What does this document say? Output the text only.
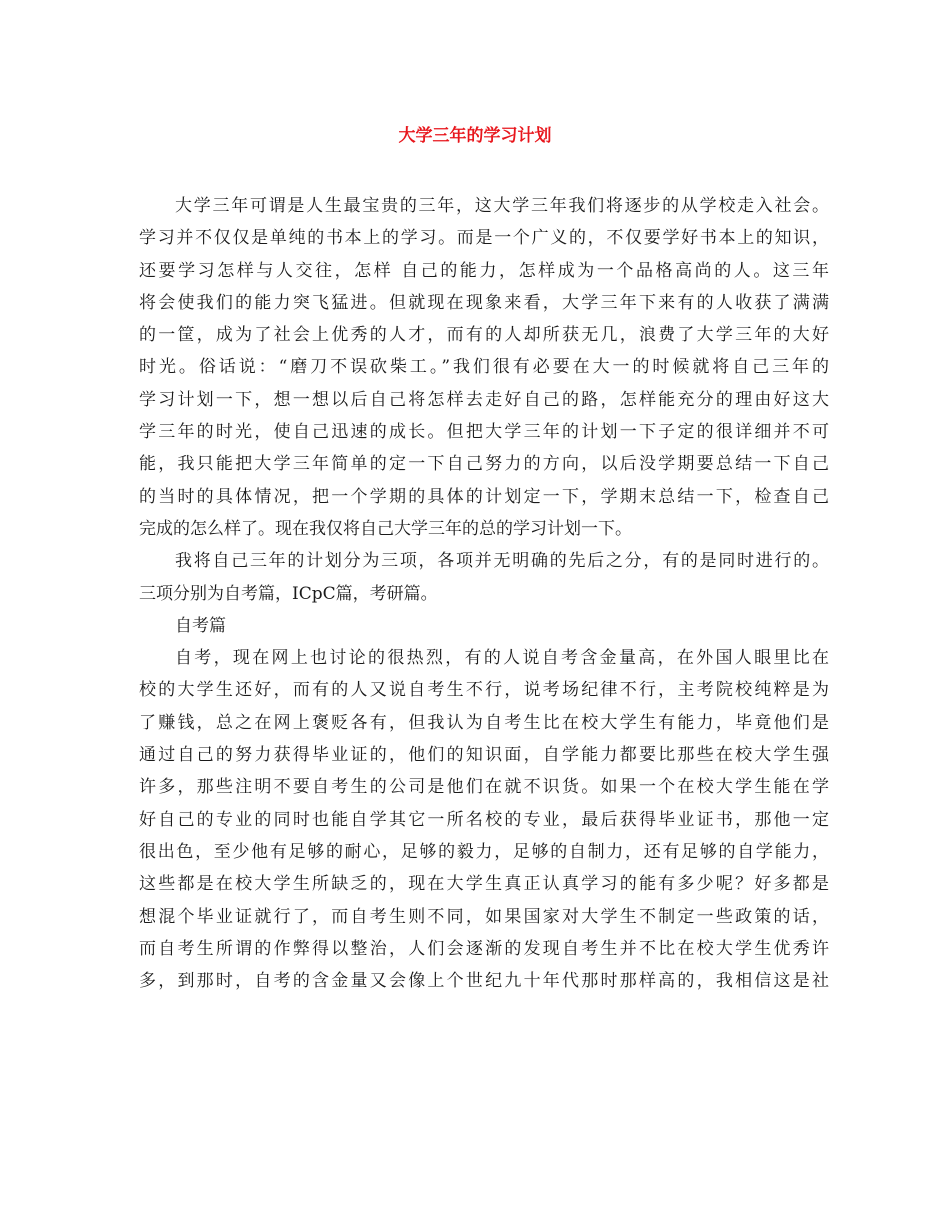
大学三年的学习计划

大学三年可谓是人生最宝贵的三年，这大学三年我们将逐步的从学校走入社会。

学习并不仅仅是单纯的书本上的学习。而是一个广义的，不仅要学好书本上的知识，

还要学习怎样与人交往，怎样 自己的能力，怎样成为一个品格高尚的人。这三年

将会使我们的能力突飞猛进。但就现在现象来看，大学三年下来有的人收获了满满

的一筐，成为了社会上优秀的人才，而有的人却所获无几，浪费了大学三年的大好

时光。俗话说：“磨刀不误砍柴工。”我们很有必要在大一的时候就将自己三年的

学习计划一下，想一想以后自己将怎样去走好自己的路，怎样能充分的理由好这大

学三年的时光，使自己迅速的成长。但把大学三年的计划一下子定的很详细并不可

能，我只能把大学三年简单的定一下自己努力的方向，以后没学期要总结一下自己

的当时的具体情况，把一个学期的具体的计划定一下，学期末总结一下，检查自己

完成的怎么样了。现在我仅将自己大学三年的总的学习计划一下。

我将自己三年的计划分为三项，各项并无明确的先后之分，有的是同时进行的。

三项分别为自考篇，ICpC篇，考研篇。

自考篇

自考，现在网上也讨论的很热烈，有的人说自考含金量高，在外国人眼里比在

校的大学生还好，而有的人又说自考生不行，说考场纪律不行，主考院校纯粹是为

了赚钱，总之在网上褒贬各有，但我认为自考生比在校大学生有能力，毕竟他们是

通过自己的努力获得毕业证的，他们的知识面，自学能力都要比那些在校大学生强

许多，那些注明不要自考生的公司是他们在就不识货。如果一个在校大学生能在学

好自己的专业的同时也能自学其它一所名校的专业，最后获得毕业证书，那他一定

很出色，至少他有足够的耐心，足够的毅力，足够的自制力，还有足够的自学能力，

这些都是在校大学生所缺乏的，现在大学生真正认真学习的能有多少呢？好多都是

想混个毕业证就行了，而自考生则不同，如果国家对大学生不制定一些政策的话，

而自考生所谓的作弊得以整治，人们会逐渐的发现自考生并不比在校大学生优秀许

多，到那时，自考的含金量又会像上个世纪九十年代那时那样高的，我相信这是社
